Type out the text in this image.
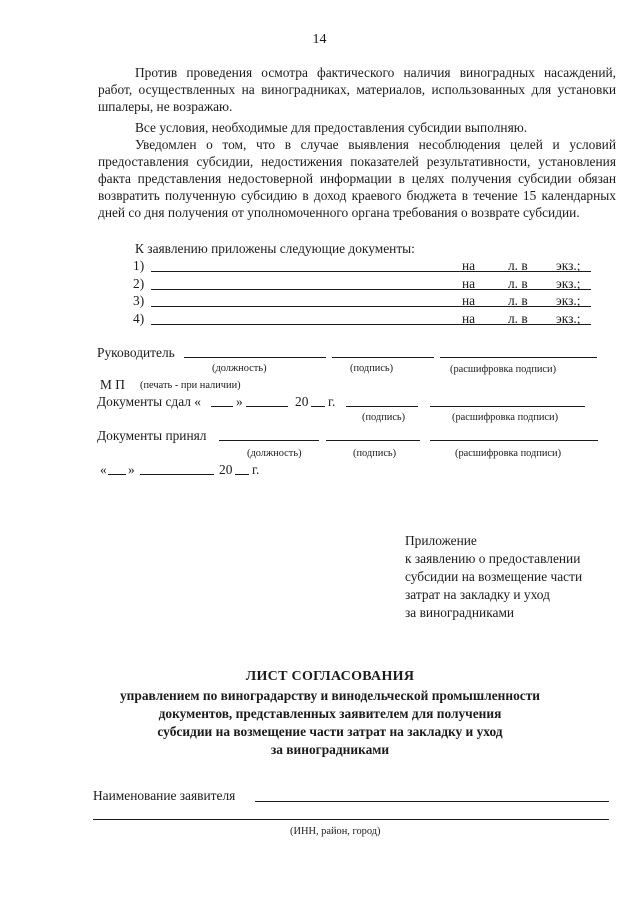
14
Против проведения осмотра фактического наличия виноградных насаждений, работ, осуществленных на виноградниках, материалов, использованных для установки шпалеры, не возражаю.
Все условия, необходимые для предоставления субсидии выполняю.
Уведомлен о том, что в случае выявления несоблюдения целей и условий предоставления субсидии, недостижения показателей результативности, установления факта представления недостоверной информации в целях получения субсидии обязан возвратить полученную субсидию в доход краевого бюджета в течение 15 календарных дней со дня получения от уполномоченного органа требования о возврате субсидии.
К заявлению приложены следующие документы:
1)	на л. в экз.;
2)	на л. в экз.;
3)	на л. в экз.;
4)	на л. в экз.;
Руководитель
(должность)	(подпись)	(расшифровка подписи)
М П (печать - при наличии)
Документы сдал «	»	20 г.
(подпись)	(расшифровка подписи)
Документы принял
(должность)	(подпись)	(расшифровка подписи)
« »	20 г.
Приложение
к заявлению о предоставлении
субсидии на возмещение части
затрат на закладку и уход
за виноградниками
ЛИСТ СОГЛАСОВАНИЯ
управлением по виноградарству и винодельческой промышленности
документов, представленных заявителем для получения
субсидии на возмещение части затрат на закладку и уход
за виноградниками
Наименование заявителя
(ИНН, район, город)
